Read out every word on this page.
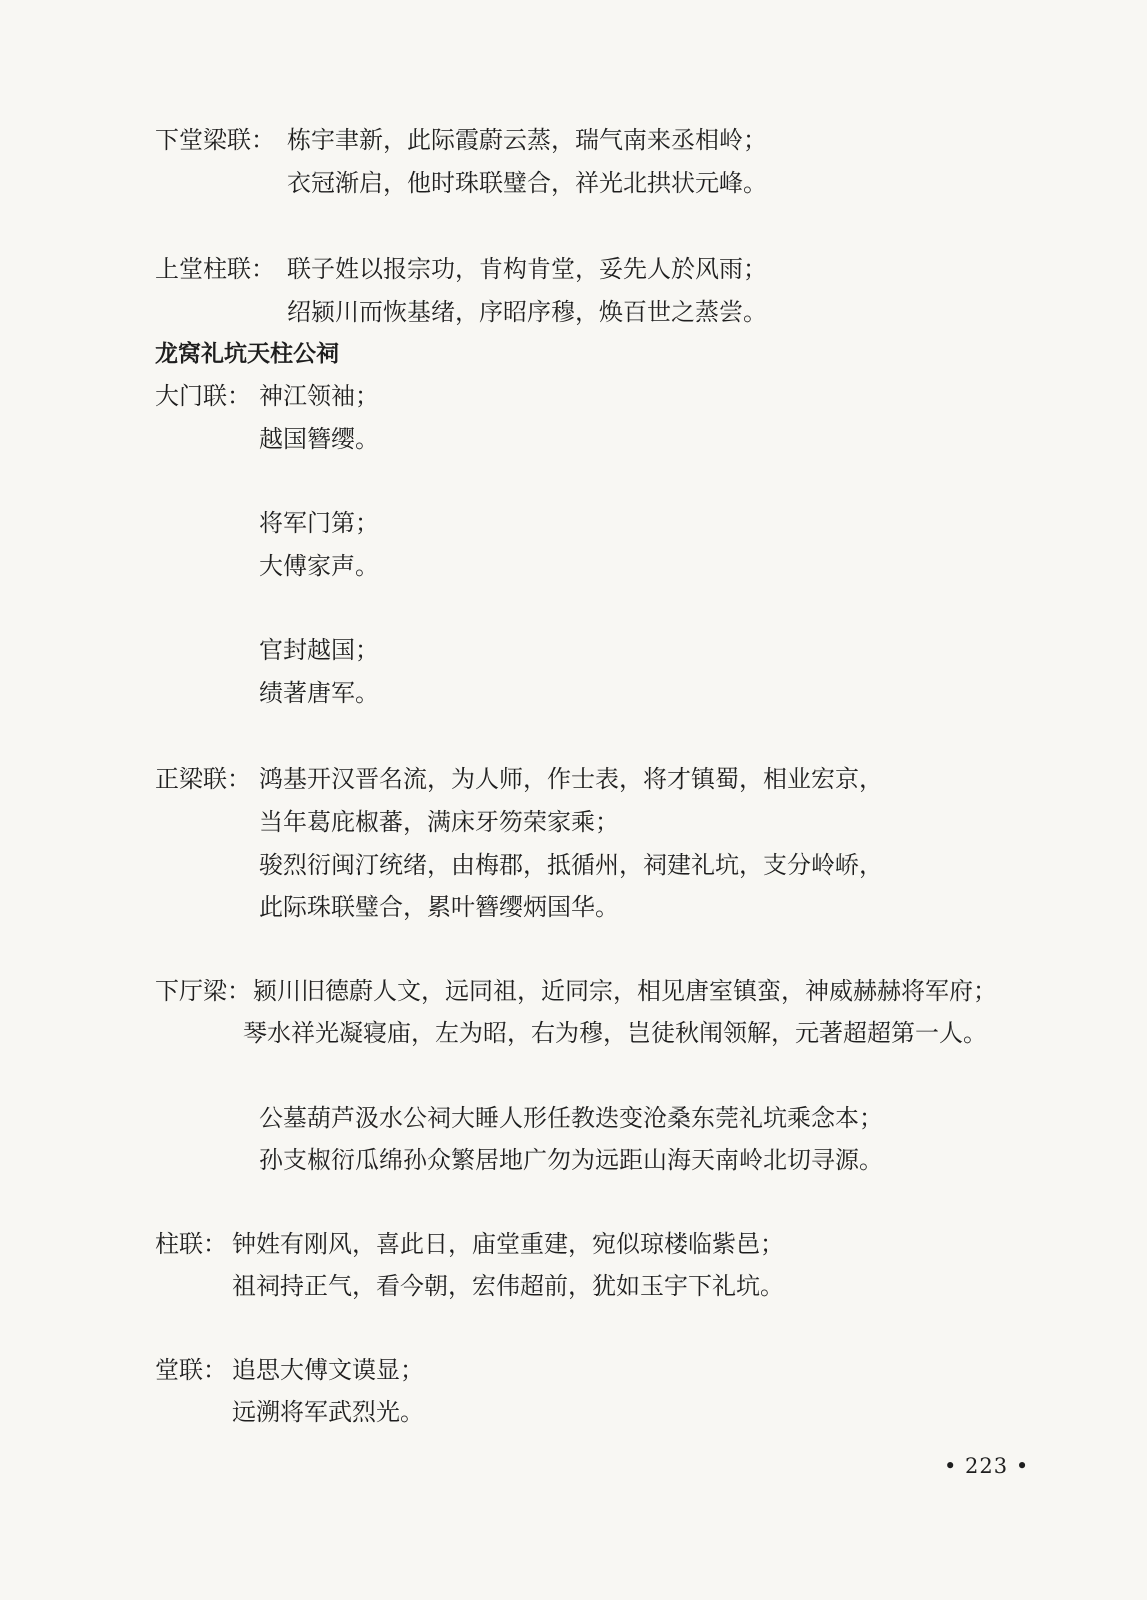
下堂梁联： 栋宇聿新，此际霞蔚云蒸，瑞气南来丞相岭；
衣冠渐启，他时珠联璧合，祥光北拱状元峰。
上堂柱联： 联子姓以报宗功，肯构肯堂，妥先人於风雨；
绍颍川而恢基绪，序昭序穆，焕百世之蒸尝。
龙窝礼坑天柱公祠
大门联： 神江领袖；
越国簪缨。
将军门第；
大傅家声。
官封越国；
绩著唐军。
正梁联： 鸿基开汉晋名流，为人师，作士表，将才镇蜀，相业宏京，
当年葛庇椒蕃，满床牙笏荣家乘；
骏烈衍闽汀统绪，由梅郡，抵循州，祠建礼坑，支分岭峤，
此际珠联璧合，累叶簪缨炳国华。
下厅梁： 颍川旧德蔚人文，远同祖，近同宗，相见唐室镇蛮，神威赫赫将军府；
琴水祥光凝寝庙，左为昭，右为穆，岂徒秋闱领解，元著超超第一人。
公墓葫芦汲水公祠大睡人形任教迭变沧桑东莞礼坑乘念本；
孙支椒衍瓜绵孙众繁居地广勿为远距山海天南岭北切寻源。
柱联： 钟姓有刚风，喜此日，庙堂重建，宛似琼楼临紫邑；
祖祠持正气，看今朝，宏伟超前，犹如玉宇下礼坑。
堂联： 追思大傅文谟显；
远溯将军武烈光。
• 223 •
